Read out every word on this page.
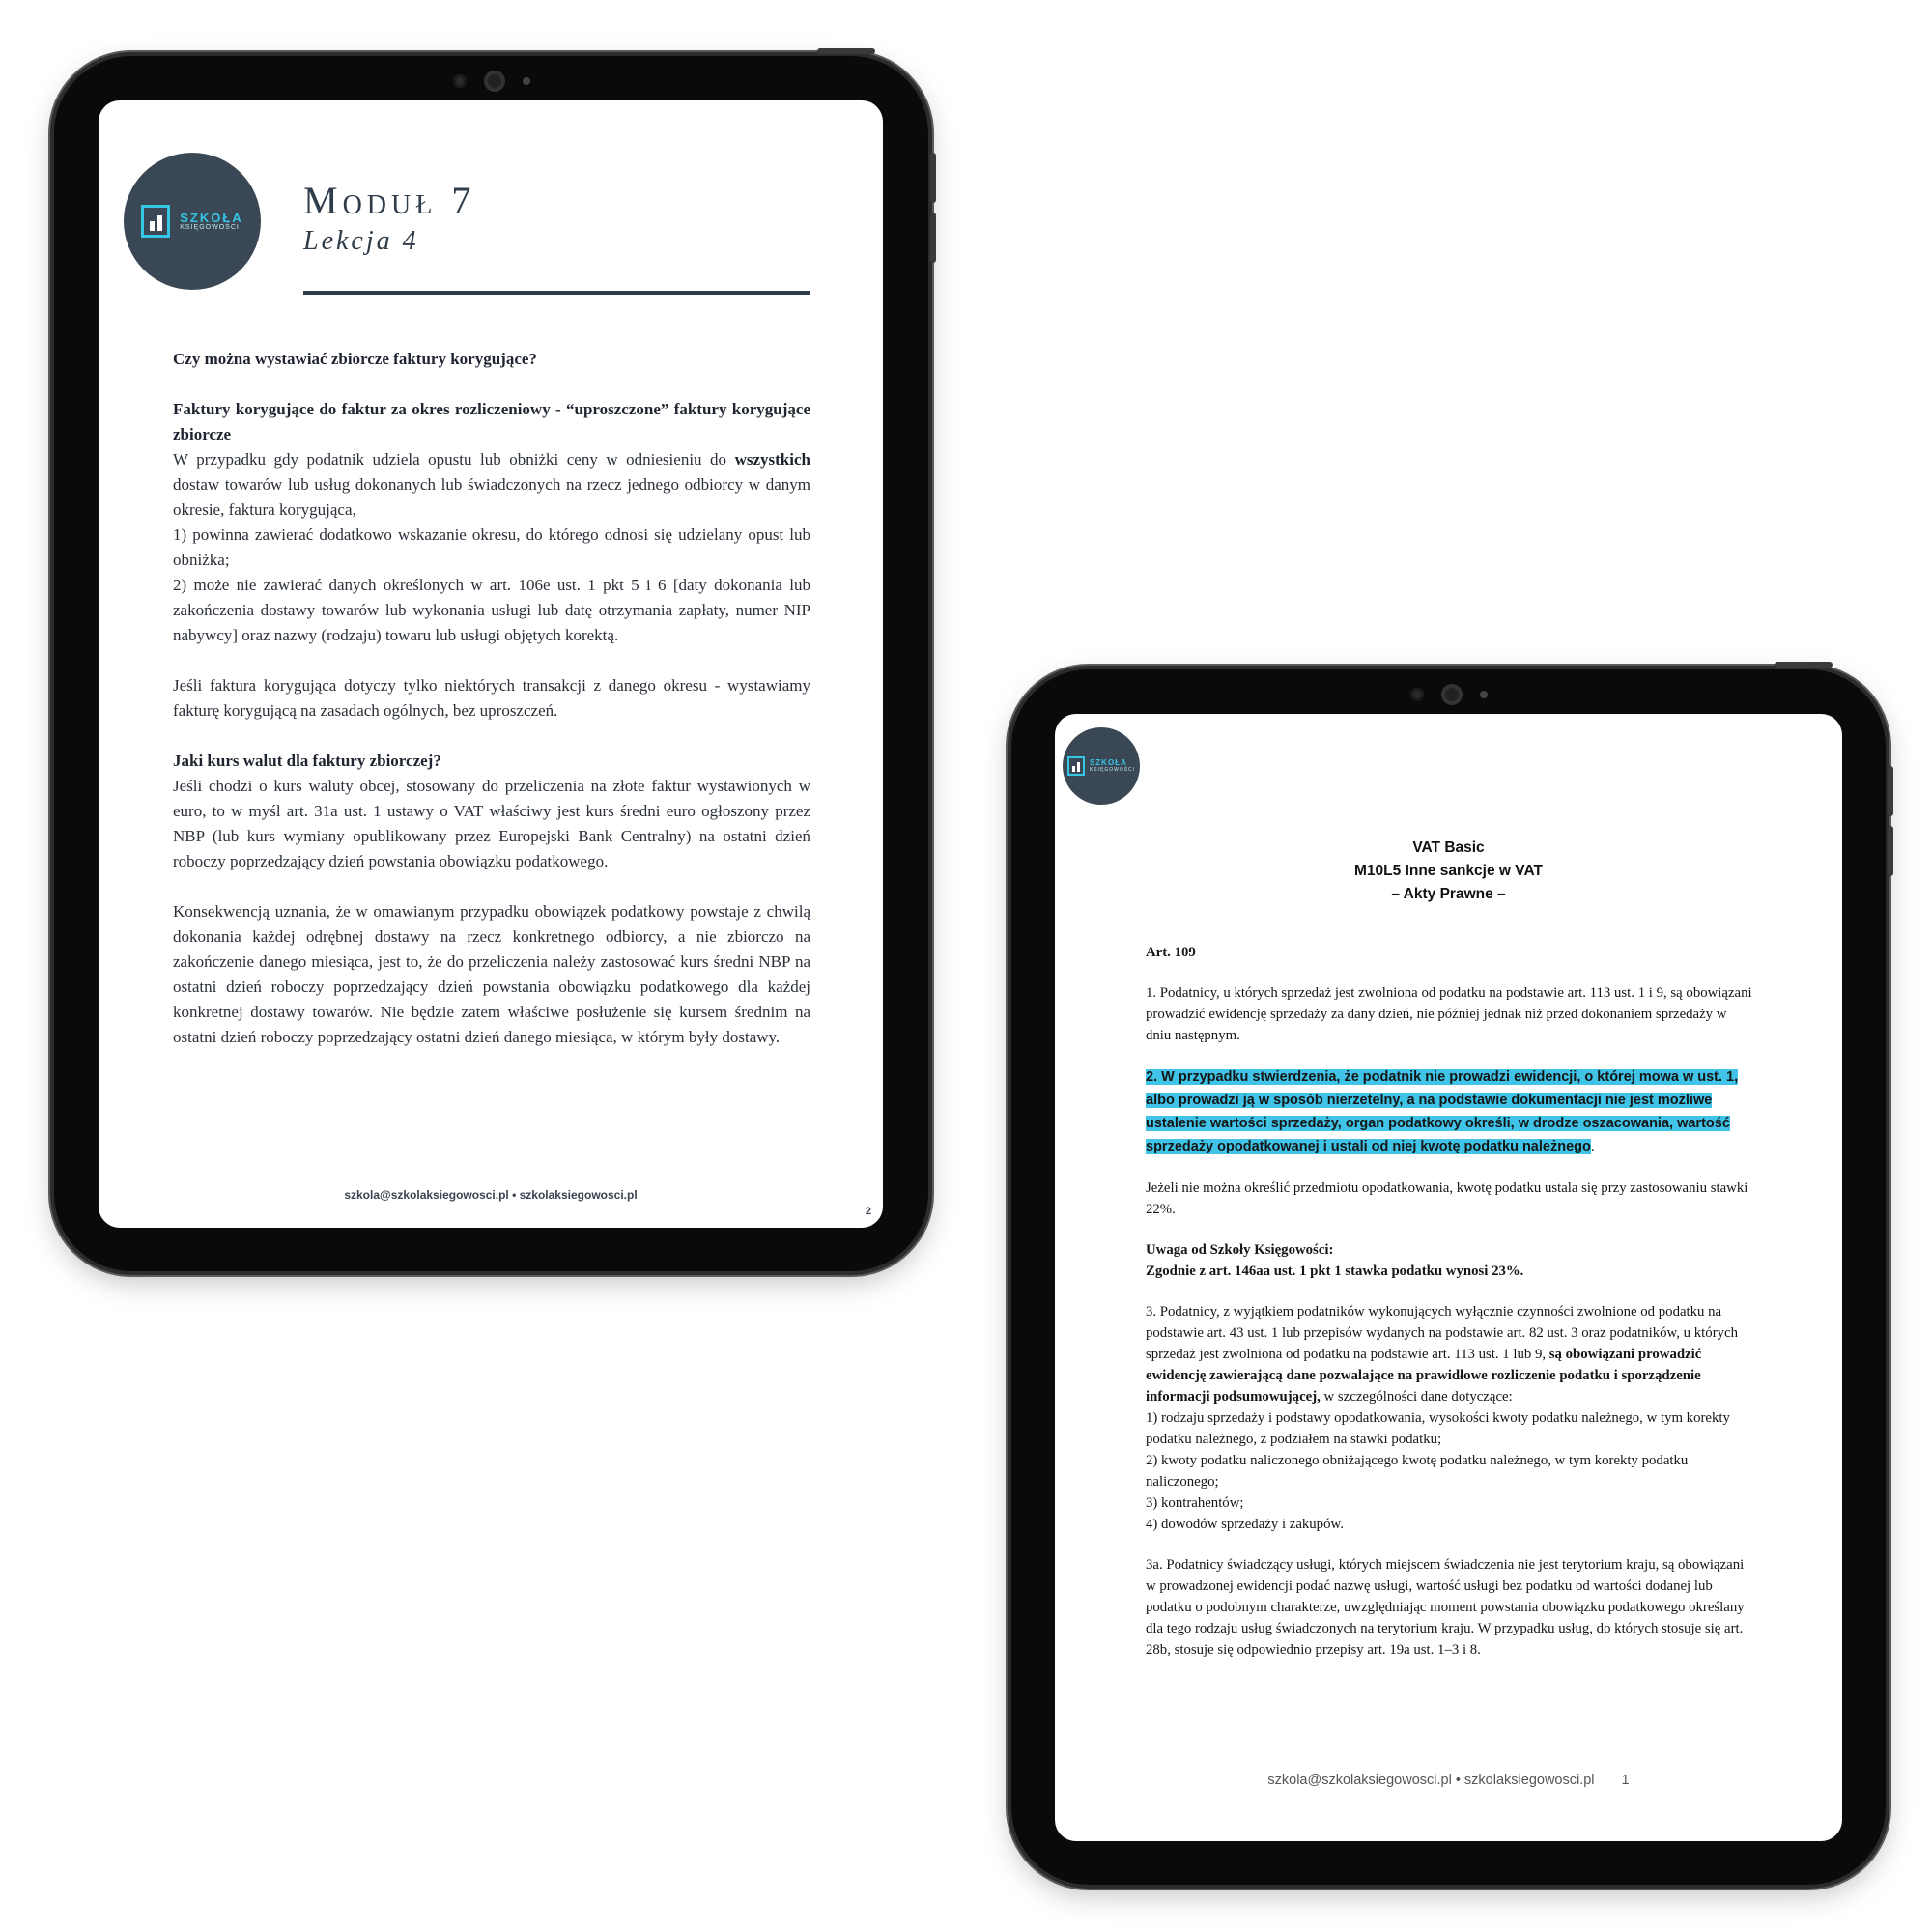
SZKOŁA
KSIĘGOWOŚCI
Moduł 7
Lekcja 4

Czy można wystawiać zbiorcze faktury korygujące?

Faktury korygujące do faktur za okres rozliczeniowy - “uproszczone” faktury korygujące zbiorcze

W przypadku gdy podatnik udziela opustu lub obniżki ceny w odniesieniu do wszystkich dostaw towarów lub usług dokonanych lub świadczonych na rzecz jednego odbiorcy w danym okresie, faktura korygująca,

1) powinna zawierać dodatkowo wskazanie okresu, do którego odnosi się udzielany opust lub obniżka;

2) może nie zawierać danych określonych w art. 106e ust. 1 pkt 5 i 6 [daty dokonania lub zakończenia dostawy towarów lub wykonania usługi lub datę otrzymania zapłaty, numer NIP nabywcy] oraz nazwy (rodzaju) towaru lub usługi objętych korektą.

Jeśli faktura korygująca dotyczy tylko niektórych transakcji z danego okresu - wystawiamy fakturę korygującą na zasadach ogólnych, bez uproszczeń.

Jaki kurs walut dla faktury zbiorczej?

Jeśli chodzi o kurs waluty obcej, stosowany do przeliczenia na złote faktur wystawionych w euro, to w myśl art. 31a ust. 1 ustawy o VAT właściwy jest kurs średni euro ogłoszony przez NBP (lub kurs wymiany opublikowany przez Europejski Bank Centralny) na ostatni dzień roboczy poprzedzający dzień powstania obowiązku podatkowego.

Konsekwencją uznania, że w omawianym przypadku obowiązek podatkowy powstaje z chwilą dokonania każdej odrębnej dostawy na rzecz konkretnego odbiorcy, a nie zbiorczo na zakończenie danego miesiąca, jest to, że do przeliczenia należy zastosować kurs średni NBP na ostatni dzień roboczy poprzedzający dzień powstania obowiązku podatkowego dla każdej konkretnej dostawy towarów. Nie będzie zatem właściwe posłużenie się kursem średnim na ostatni dzień roboczy poprzedzający ostatni dzień danego miesiąca, w którym były dostawy.

szkola@szkolaksiegowosci.pl • szkolaksiegowosci.pl
2
SZKOŁA
KSIĘGOWOŚCI
VAT Basic
M10L5 Inne sankcje w VAT
– Akty Prawne –

Art. 109

1. Podatnicy, u których sprzedaż jest zwolniona od podatku na podstawie art. 113 ust. 1 i 9, są obowiązani prowadzić ewidencję sprzedaży za dany dzień, nie później jednak niż przed dokonaniem sprzedaży w dniu następnym.

2. W przypadku stwierdzenia, że podatnik nie prowadzi ewidencji, o której mowa w ust. 1, albo prowadzi ją w sposób nierzetelny, a na podstawie dokumentacji nie jest możliwe ustalenie wartości sprzedaży, organ podatkowy określi, w drodze oszacowania, wartość sprzedaży opodatkowanej i ustali od niej kwotę podatku należnego.

Jeżeli nie można określić przedmiotu opodatkowania, kwotę podatku ustala się przy zastosowaniu stawki 22%.

Uwaga od Szkoły Księgowości:

Zgodnie z art. 146aa ust. 1 pkt 1 stawka podatku wynosi 23%.

3. Podatnicy, z wyjątkiem podatników wykonujących wyłącznie czynności zwolnione od podatku na podstawie art. 43 ust. 1 lub przepisów wydanych na podstawie art. 82 ust. 3 oraz podatników, u których sprzedaż jest zwolniona od podatku na podstawie art. 113 ust. 1 lub 9, są obowiązani prowadzić ewidencję zawierającą dane pozwalające na prawidłowe rozliczenie podatku i sporządzenie informacji podsumowującej, w szczególności dane dotyczące:

1) rodzaju sprzedaży i podstawy opodatkowania, wysokości kwoty podatku należnego, w tym korekty podatku należnego, z podziałem na stawki podatku;

2) kwoty podatku naliczonego obniżającego kwotę podatku należnego, w tym korekty podatku naliczonego;

3) kontrahentów;

4) dowodów sprzedaży i zakupów.

3a. Podatnicy świadczący usługi, których miejscem świadczenia nie jest terytorium kraju, są obowiązani w prowadzonej ewidencji podać nazwę usługi, wartość usługi bez podatku od wartości dodanej lub podatku o podobnym charakterze, uwzględniając moment powstania obowiązku podatkowego określany dla tego rodzaju usług świadczonych na terytorium kraju. W przypadku usług, do których stosuje się art. 28b, stosuje się odpowiednio przepisy art. 19a ust. 1–3 i 8.

szkola@szkolaksiegowosci.pl • szkolaksiegowosci.pl 1
